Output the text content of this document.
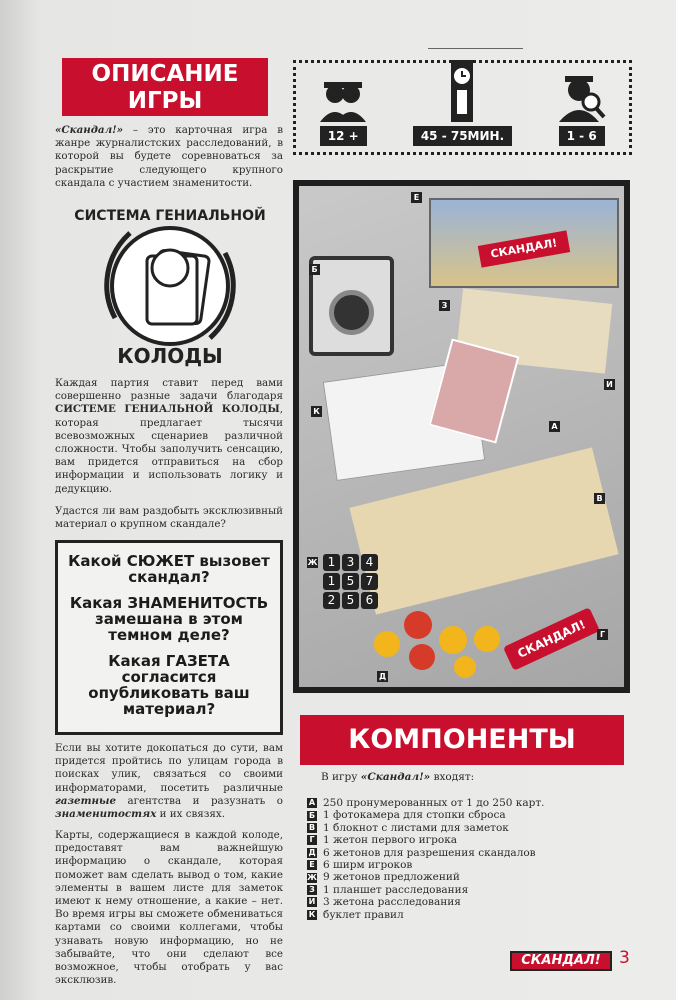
ОПИСАНИЕ
ИГРЫ

«Скандал!» – это карточная игра в жанре журналистских расследований, в которой вы будете соревноваться за раскрытие следующего крупного скандала с участием знаменитости.

СИСТЕМА ГЕНИАЛЬНОЙ
КОЛОДЫ

Каждая партия ставит перед вами совершенно разные задачи благодаря СИСТЕМЕ ГЕНИАЛЬНОЙ КОЛОДЫ, которая предлагает тысячи всевозможных сценариев различной сложности. Чтобы заполучить сенсацию, вам придется отправиться на сбор информации и использовать логику и дедукцию.

Удастся ли вам раздобыть эксклюзивный материал о крупном скандале?

Какой СЮЖЕТ вызовет скандал?
Какая ЗНАМЕНИТОСТЬ замешана в этом темном деле?
Какая ГАЗЕТА согласится опубликовать ваш материал?

Если вы хотите докопаться до сути, вам придется пройтись по улицам города в поисках улик, связаться со своими информаторами, посетить различные газетные агентства и разузнать о знаменитостях и их связях.

Карты, содержащиеся в каждой колоде, предоставят вам важнейшую информацию о скандале, которая поможет вам сделать вывод о том, какие элементы в вашем листе для заметок имеют к нему отношение, а какие – нет. Во время игры вы сможете обмениваться картами со своими коллегами, чтобы узнавать новую информацию, но не забывайте, что они сделают все возможное, чтобы отобрать у вас эксклюзив.

12 +	45 - 75МИН.	1 - 6
1 3 4
1 5 7
2 5 6
СКАНДАЛ!
СКАНДАЛ!
Е
Б
З
К
И
А
В
Ж
Г
Д
КОМПОНЕНТЫ

В игру «Скандал!» входят:

А 250 пронумерованных от 1 до 250 карт.
Б 1 фотокамера для стопки сброса
В 1 блокнот с листами для заметок
Г 1 жетон первого игрока
Д 6 жетонов для разрешения скандалов
Е 6 ширм игроков
Ж 9 жетонов предложений
З 1 планшет расследования
И 3 жетона расследования
К буклет правил
СКАНДАЛ!	3
